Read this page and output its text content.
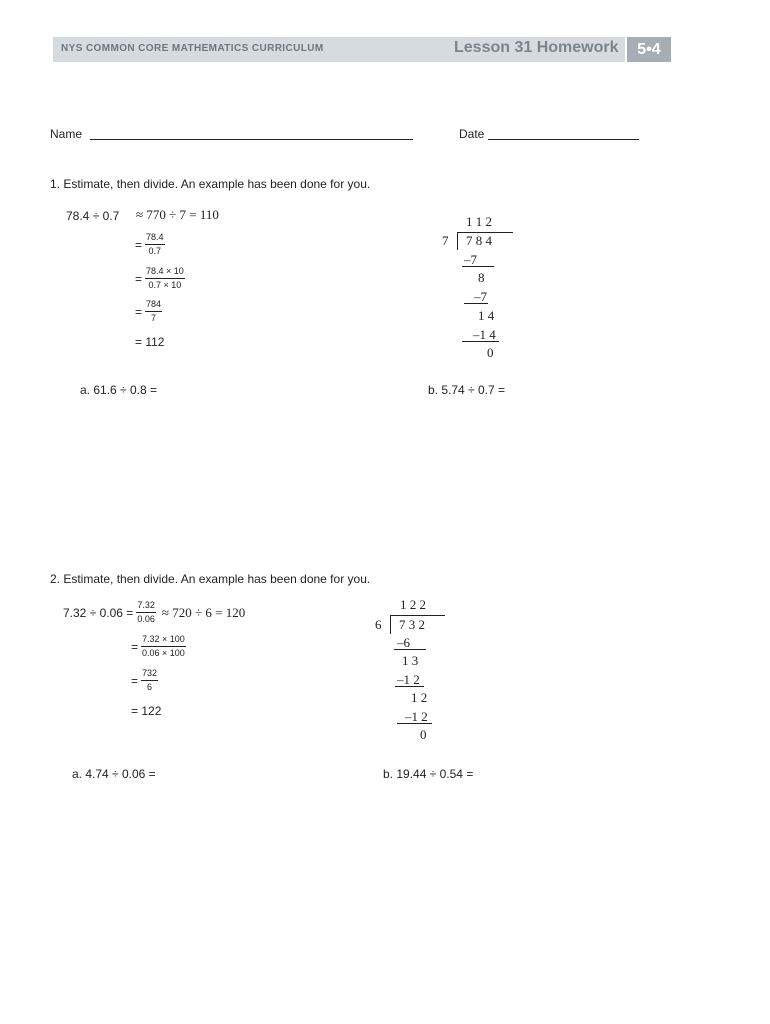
NYS COMMON CORE MATHEMATICS CURRICULUM	Lesson 31 Homework	5•4
Name	Date
1. Estimate, then divide. An example has been done for you.
78.4 ÷ 0.7 ≈ 770 ÷ 7 = 110
= $\frac{78.4}{0.7}$
= $\frac{78.4 \times 10}{0.7 \times 10}$
= $\frac{784}{7}$
= 112
1 1 2
7 7 8 4
–7
8
–7
1 4
–1 4
0
a. 61.6 ÷ 0.8 =	b. 5.74 ÷ 0.7 =
2. Estimate, then divide. An example has been done for you.
$7.32 \div 0.06 = \frac{7.32}{0.06} \approx 720 \div 6 = 120$
= $\frac{7.32 \times 100}{0.06 \times 100}$
= $\frac{732}{6}$
= 122
1 2 2
6 7 3 2
–6
1 3
–1 2
1 2
–1 2
0
a. 4.74 ÷ 0.06 =	b. 19.44 ÷ 0.54 =
